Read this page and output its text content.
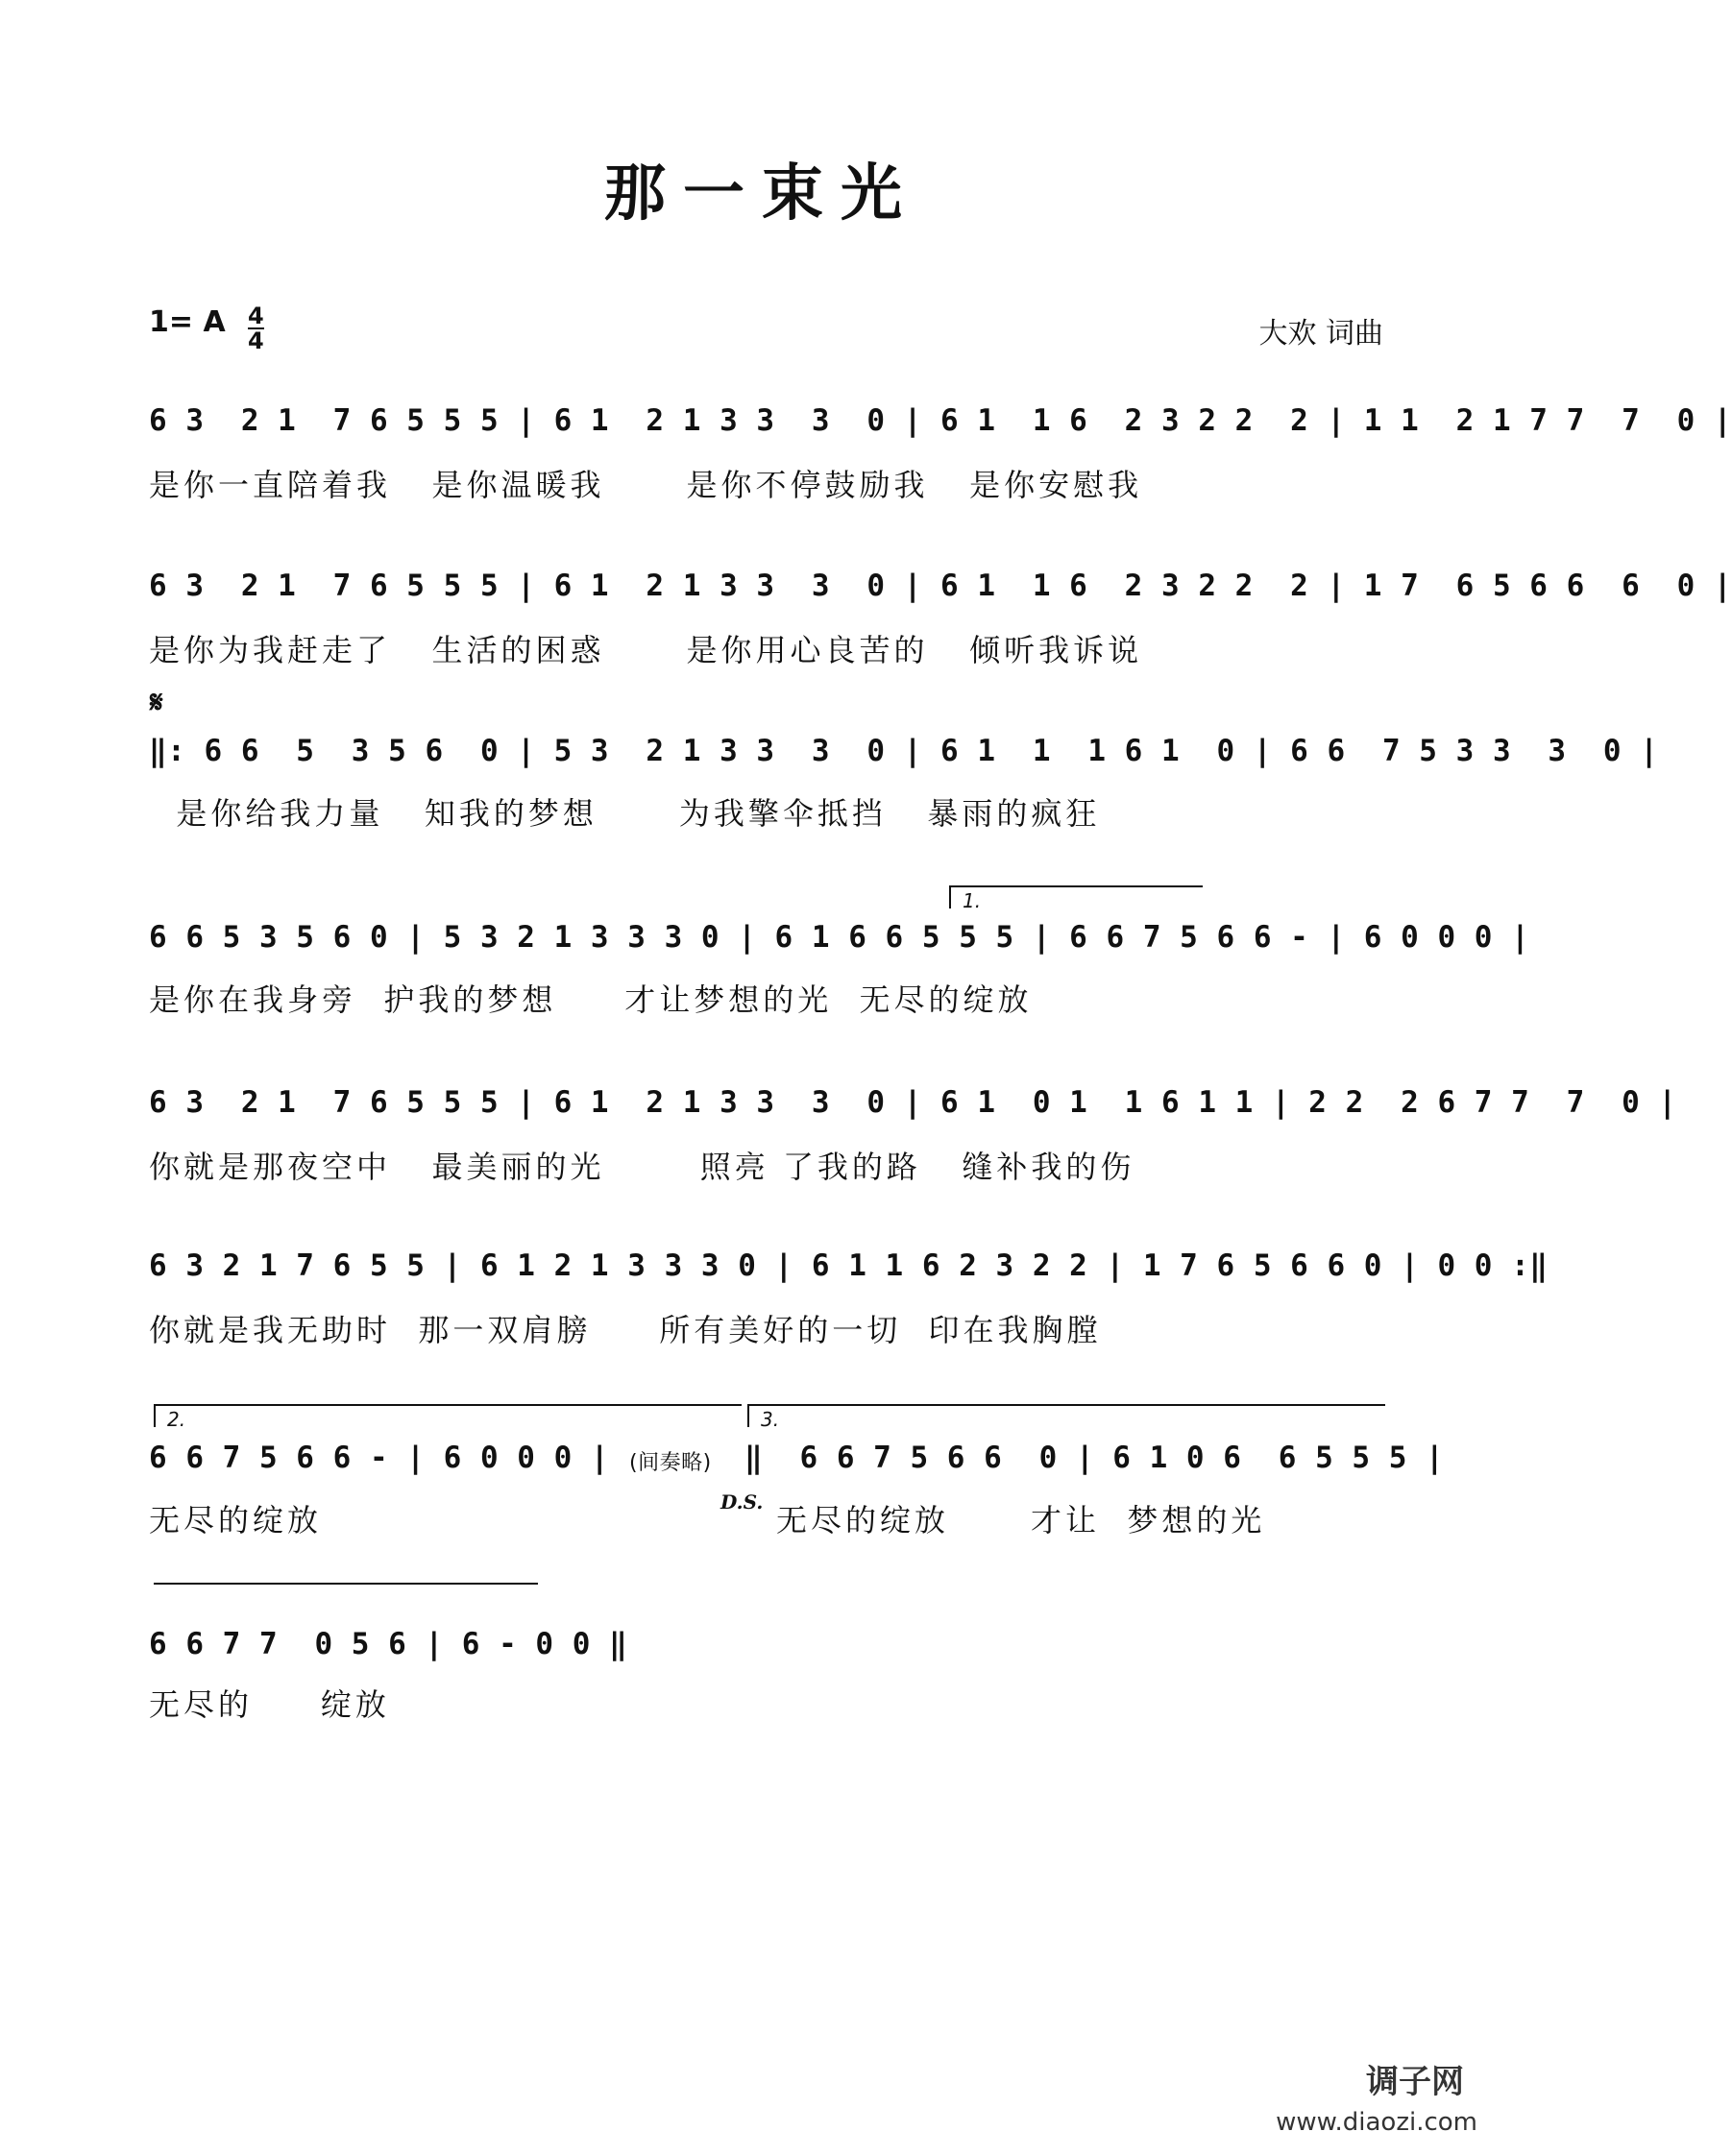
那一束光
1= A 4
4	大欢 词曲
6 3  2 1  7 6 5 5 5 | 6 1  2 1 3 3  3  0 | 6 1  1 6  2 3 2 2  2 | 1 1  2 1 7 7  7  0 |
是你一直陪着我   是你温暖我      是你不停鼓励我   是你安慰我
6 3  2 1  7 6 5 5 5 | 6 1  2 1 3 3  3  0 | 6 1  1 6  2 3 2 2  2 | 1 7  6 5 6 6  6  0 |
是你为我赶走了   生活的困惑      是你用心良苦的   倾听我诉说
𝄋
‖: 6 6  5  3 5 6  0 | 5 3  2 1 3 3  3  0 | 6 1  1  1 6 1  0 | 6 6  7 5 3 3  3  0 |
是你给我力量   知我的梦想      为我擎伞抵挡   暴雨的疯狂
1.
6 6 5 3 5 6 0 | 5 3 2 1 3 3 3 0 | 6 1 6 6 5 5 5 | 6 6 7 5 6 6 - | 6 0 0 0 |
是你在我身旁  护我的梦想     才让梦想的光  无尽的绽放
6 3  2 1  7 6 5 5 5 | 6 1  2 1 3 3  3  0 | 6 1  0 1  1 6 1 1 | 2 2  2 6 7 7  7  0 |
你就是那夜空中   最美丽的光       照亮 了我的路   缝补我的伤
6 3 2 1 7 6 5 5 | 6 1 2 1 3 3 3 0 | 6 1 1 6 2 3 2 2 | 1 7 6 5 6 6 0 | 0 0 :‖
你就是我无助时  那一双肩膀     所有美好的一切  印在我胸膛
2.	3.
6 6 7 5 6 6 - | 6 0 0 0 | (间奏略)	‖  6 6 7 5 6 6  0 | 6 1 0 6  6 5 5 5 |
无尽的绽放	D.S. 无尽的绽放      才让  梦想的光
6 6 7 7  0 5 6 | 6 - 0 0 ‖
无尽的     绽放
调子网
www.diaozi.com
